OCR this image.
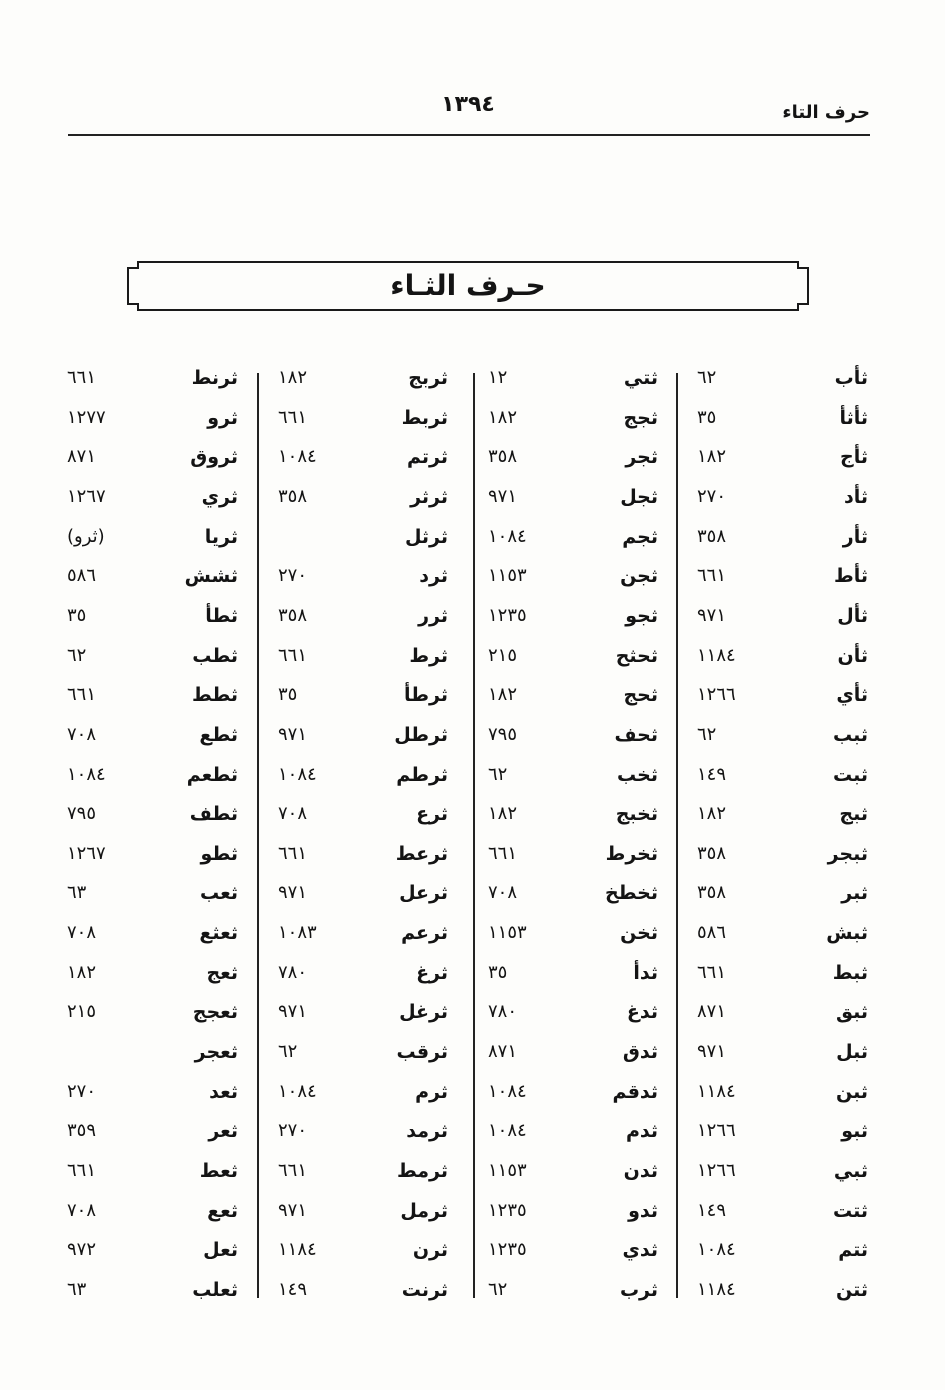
حرف التاء
١٣٩٤
حـرف الثـاء
ثأب
٦٢
ثأثأ
٣٥
ثأج
١٨٢
ثأد
٢٧٠
ثأر
٣٥٨
ثأط
٦٦١
ثأل
٩٧١
ثأن
١١٨٤
ثأي
١٢٦٦
ثبب
٦٢
ثبت
١٤٩
ثبج
١٨٢
ثبجر
٣٥٨
ثبر
٣٥٨
ثبش
٥٨٦
ثبط
٦٦١
ثبق
٨٧١
ثبل
٩٧١
ثبن
١١٨٤
ثبو
١٢٦٦
ثبي
١٢٦٦
ثتت
١٤٩
ثتم
١٠٨٤
ثتن
١١٨٤
ثتي
١٢
ثجج
١٨٢
ثجر
٣٥٨
ثجل
٩٧١
ثجم
١٠٨٤
ثجن
١١٥٣
ثجو
١٢٣٥
ثحثح
٢١٥
ثحج
١٨٢
ثحف
٧٩٥
ثخب
٦٢
ثخبج
١٨٢
ثخرط
٦٦١
ثخطخ
٧٠٨
ثخن
١١٥٣
ثدأ
٣٥
ثدغ
٧٨٠
ثدق
٨٧١
ثدقم
١٠٨٤
ثدم
١٠٨٤
ثدن
١١٥٣
ثدو
١٢٣٥
ثدي
١٢٣٥
ثرب
٦٢
ثربج
١٨٢
ثربط
٦٦١
ثرتم
١٠٨٤
ثرثر
٣٥٨
ثرثل
ثرد
٢٧٠
ثرر
٣٥٨
ثرط
٦٦١
ثرطأ
٣٥
ثرطل
٩٧١
ثرطم
١٠٨٤
ثرع
٧٠٨
ثرعط
٦٦١
ثرعل
٩٧١
ثرعم
١٠٨٣
ثرغ
٧٨٠
ثرغل
٩٧١
ثرقب
٦٢
ثرم
١٠٨٤
ثرمد
٢٧٠
ثرمط
٦٦١
ثرمل
٩٧١
ثرن
١١٨٤
ثرنت
١٤٩
ثرنط
٦٦١
ثرو
١٢٧٧
ثروق
٨٧١
ثري
١٢٦٧
ثريا
(ثرو)
ثشش
٥٨٦
ثطأ
٣٥
ثطب
٦٢
ثطط
٦٦١
ثطع
٧٠٨
ثطعم
١٠٨٤
ثطف
٧٩٥
ثطو
١٢٦٧
ثعب
٦٣
ثعثع
٧٠٨
ثعج
١٨٢
ثعجج
٢١٥
ثعجر
ثعد
٢٧٠
ثعر
٣٥٩
ثعط
٦٦١
ثعع
٧٠٨
ثعل
٩٧٢
ثعلب
٦٣
